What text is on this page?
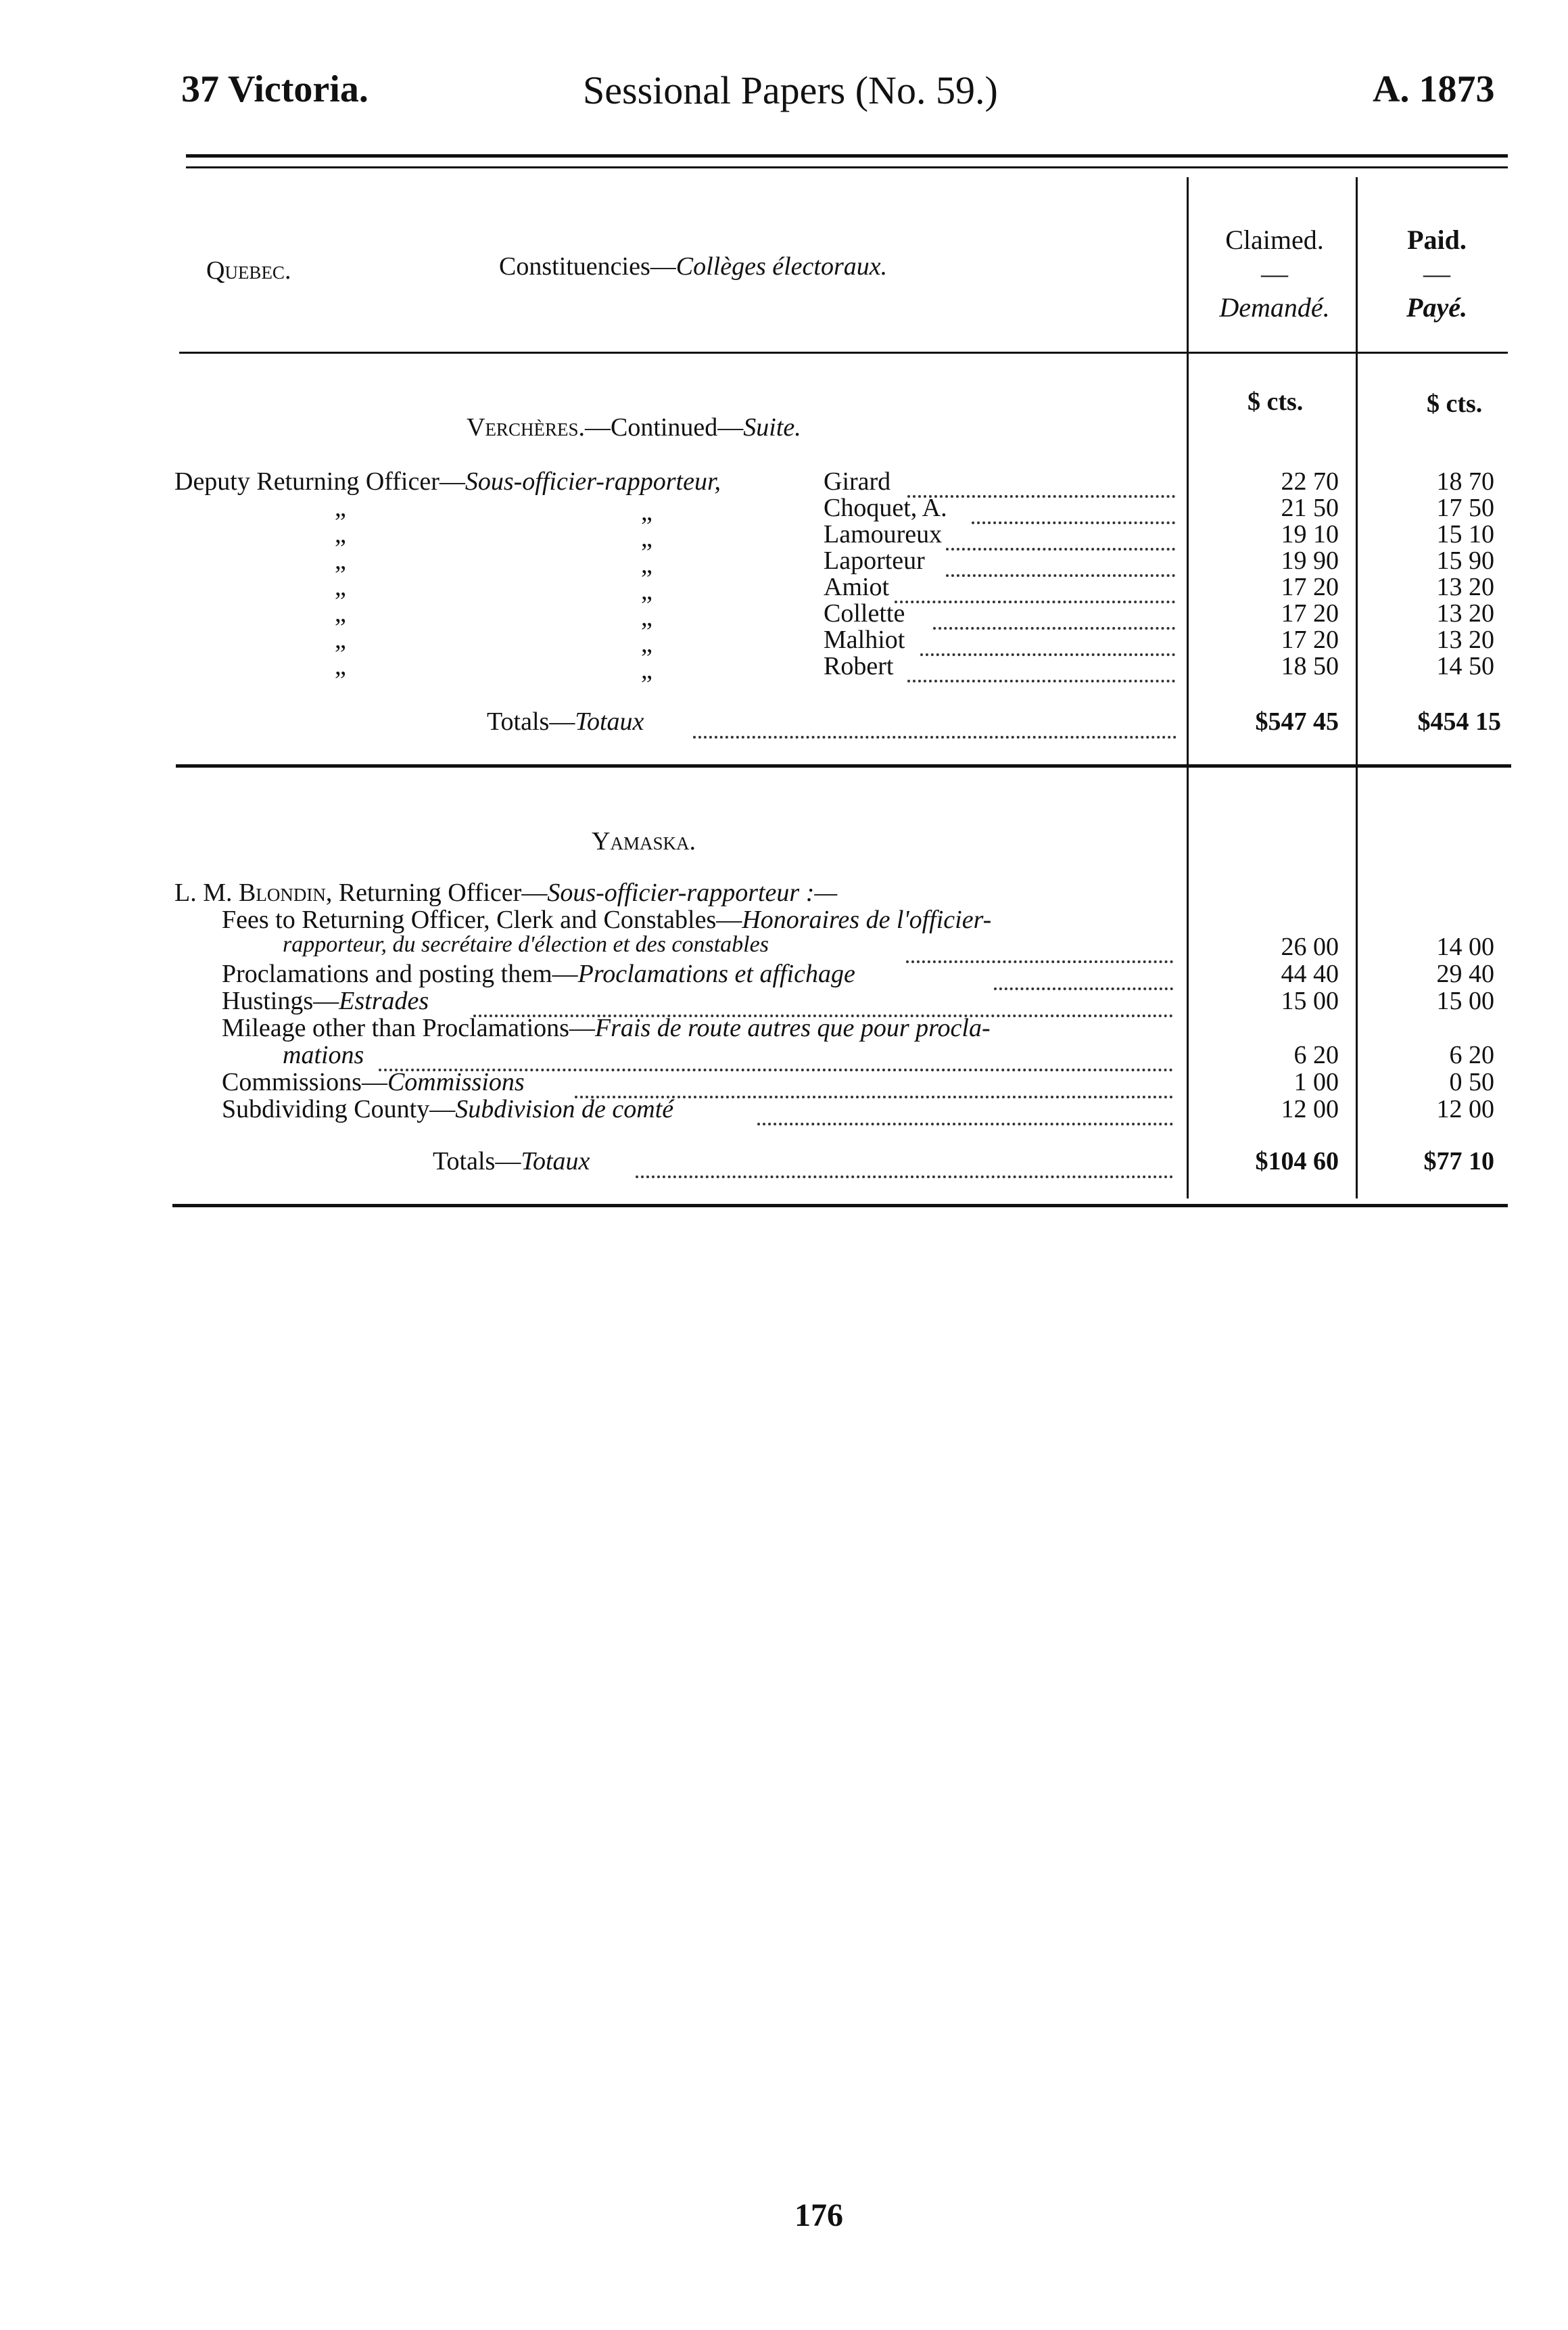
37 Victoria.	Sessional Papers (No. 59.)	A. 1873
Quebec.	Constituencies—Collèges électoraux.
Claimed.
—
Demandé.
Paid.
—
Payé.
Verchères.—Continued—Suite.
$ cts.	$ cts.
Deputy Returning Officer—Sous-officier-rapporteur,	Girard	22 70	18 70
„	„	Choquet, A.	21 50	17 50
„	„	Lamoureux	19 10	15 10
„	„	Laporteur	19 90	15 90
„	„	Amiot	17 20	13 20
„	„	Collette	17 20	13 20
„	„	Malhiot	17 20	13 20
„	„	Robert	18 50	14 50
Totals—Totaux	$547 45	$454 15
Yamaska.
L. M. Blondin, Returning Officer—Sous-officier-rapporteur :—
Fees to Returning Officer, Clerk and Constables—Honoraires de l'officier-
rapporteur, du secrétaire d'élection et des constables	26 00	14 00
Proclamations and posting them—Proclamations et affichage	44 40	29 40
Hustings—Estrades	15 00	15 00
Mileage other than Proclamations—Frais de route autres que pour procla-
mations	6 20	6 20
Commissions—Commissions	1 00	0 50
Subdividing County—Subdivision de comté	12 00	12 00
Totals—Totaux	$104 60	$77 10
176
